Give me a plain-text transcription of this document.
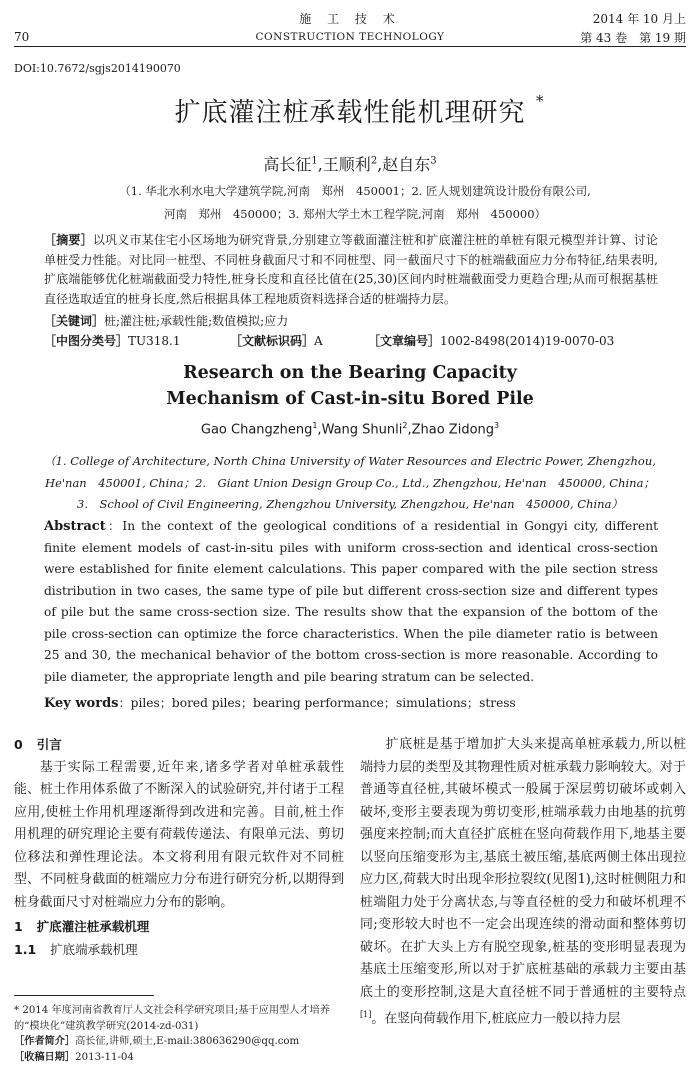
70
施 工 技 术
CONSTRUCTION TECHNOLOGY
2014 年 10 月上
第 43 卷　第 19 期
DOI:10.7672/sgjs2014190070
扩底灌注桩承载性能机理研究 *
高长征$^1$,王顺利$^2$,赵自东$^3$
（1. 华北水利水电大学建筑学院,河南　郑州　450001；2. 匠人规划建筑设计股份有限公司,
河南　郑州　450000；3. 郑州大学土木工程学院,河南　郑州　450000）
［摘要］以巩义市某住宅小区场地为研究背景,分别建立等截面灌注桩和扩底灌注桩的单桩有限元模型并计算、讨论单桩受力性能。对比同一桩型、不同桩身截面尺寸和不同桩型、同一截面尺寸下的桩端截面应力分布特征,结果表明,扩底端能够优化桩端截面受力特性,桩身长度和直径比值在(25,30)区间内时桩端截面受力更趋合理;从而可根据基桩直径选取适宜的桩身长度,然后根据具体工程地质资料选择合适的桩端持力层。
［关键词］桩;灌注桩;承载性能;数值模拟;应力
［中图分类号］TU318.1	［文献标识码］A	［文章编号］1002-8498(2014)19-0070-03
Research on the Bearing Capacity Mechanism of Cast-in-situ Bored Pile
Gao Changzheng$^1$,Wang Shunli$^2$,Zhao Zidong$^3$
（1. College of Architecture, North China University of Water Resources and Electric Power, Zhengzhou,
He'nan　450001, China；2.　Giant Union Design Group Co., Ltd., Zhengzhou, He'nan　450000, China；
3.　School of Civil Engineering, Zhengzhou University, Zhengzhou, He'nan　450000, China）
Abstract：In the context of the geological conditions of a residential in Gongyi city, different finite element models of cast-in-situ piles with uniform cross-section and identical cross-section were established for finite element calculations. This paper compared with the pile section stress distribution in two cases, the same type of pile but different cross-section size and different types of pile but the same cross-section size. The results show that the expansion of the bottom of the pile cross-section can optimize the force characteristics. When the pile diameter ratio is between 25 and 30, the mechanical behavior of the bottom cross-section is more reasonable. According to pile diameter, the appropriate length and pile bearing stratum can be selected.
Key words：piles；bored piles；bearing performance；simulations；stress
0 引言
基于实际工程需要,近年来,诸多学者对单桩承载性能、桩土作用体系做了不断深入的试验研究,并付诸于工程应用,使桩土作用机理逐渐得到改进和完善。目前,桩土作用机理的研究理论主要有荷载传递法、有限单元法、剪切位移法和弹性理论法。本文将利用有限元软件对不同桩型、不同桩身截面的桩端应力分布进行研究分析,以期得到桩身截面尺寸对桩端应力分布的影响。
1 扩底灌注桩承载机理
1.1 扩底端承载机理
扩底桩是基于增加扩大头来提高单桩承载力,所以桩端持力层的类型及其物理性质对桩承载力影响较大。对于普通等直径桩,其破坏模式一般属于深层剪切破坏或刺入破坏,变形主要表现为剪切变形,桩端承载力由地基的抗剪强度来控制;而大直径扩底桩在竖向荷载作用下,地基主要以竖向压缩变形为主,基底土被压缩,基底两侧土体出现拉应力区,荷载大时出现伞形拉裂纹(见图1),这时桩侧阻力和桩端阻力处于分离状态,与等直径桩的受力和破坏机理不同;变形较大时也不一定会出现连续的滑动面和整体剪切破坏。在扩大头上方有脱空现象,桩基的变形明显表现为基底土压缩变形,所以对于扩底桩基础的承载力主要由基底土的变形控制,这是大直径桩不同于普通桩的主要特点[1]。在竖向荷载作用下,桩底应力一般以持力层
* 2014 年度河南省教育厅人文社会科学研究项目;基于应用型人才培养的“模块化”建筑教学研究(2014-zd-031)
［作者简介］高长征,讲师,硕士,E-mail:380636290@qq.com
［收稿日期］2013-11-04
